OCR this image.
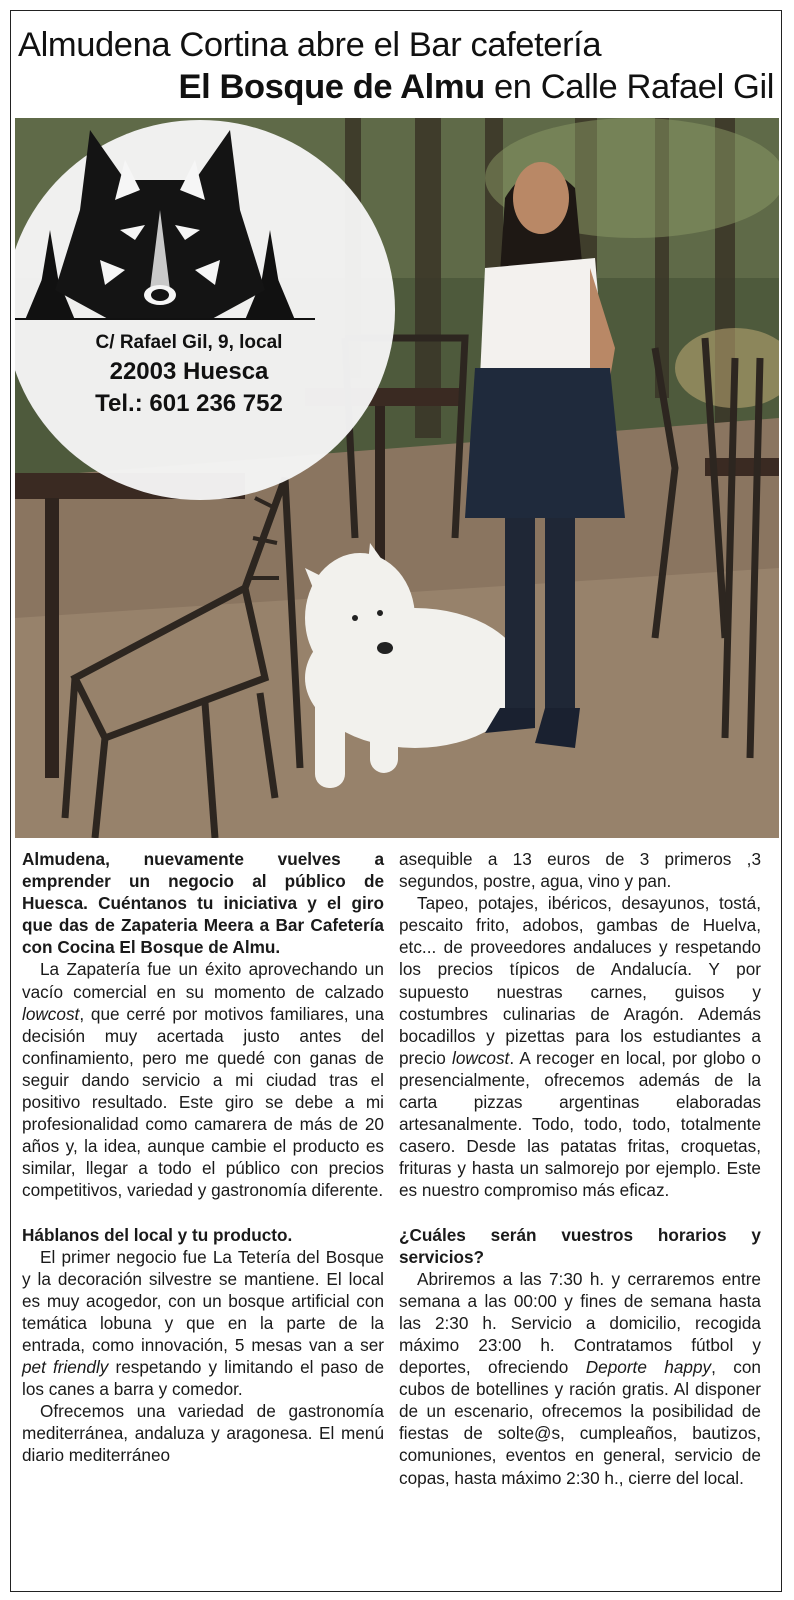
Almudena Cortina abre el Bar cafetería
El Bosque de Almu en Calle Rafael Gil
C/ Rafael Gil, 9, local
22003 Huesca
Tel.: 601 236 752

Almudena, nuevamente vuelves a emprender un negocio al público de Huesca. Cuéntanos tu iniciativa y el giro que das de Zapateria Meera a Bar Cafetería con Cocina El Bosque de Almu.

La Zapatería fue un éxito aprovechando un vacío comercial en su momento de calzado lowcost, que cerré por motivos familiares, una decisión muy acertada justo antes del confinamiento, pero me quedé con ganas de seguir dando servicio a mi ciudad tras el positivo resultado. Este giro se debe a mi profesionalidad como camarera de más de 20 años y, la idea, aunque cambie el producto es similar, llegar a todo el público con precios competitivos, variedad y gastronomía diferente.

Háblanos del local y tu producto.

El primer negocio fue La Tetería del Bosque y la decoración silvestre se mantiene. El local es muy acogedor, con un bosque artificial con temática lobuna y que en la parte de la entrada, como innovación, 5 mesas van a ser pet friendly respetando y limitando el paso de los canes a barra y comedor.

Ofrecemos una variedad de gastronomía mediterránea, andaluza y aragonesa. El menú diario mediterráneo

asequible a 13 euros de 3 primeros ,3 segundos, postre, agua, vino y pan.

Tapeo, potajes, ibéricos, desayunos, tostá, pescaito frito, adobos, gambas de Huelva, etc... de proveedores andaluces y respetando los precios típicos de Andalucía. Y por supuesto nuestras carnes, guisos y costumbres culinarias de Aragón. Además bocadillos y pizettas para los estudiantes a precio lowcost. A recoger en local, por globo o presencialmente, ofrecemos además de la carta pizzas argentinas elaboradas artesanalmente. Todo, todo, todo, totalmente casero. Desde las patatas fritas, croquetas, frituras y hasta un salmorejo por ejemplo. Este es nuestro compromiso más eficaz.

¿Cuáles serán vuestros horarios y servicios?

Abriremos a las 7:30 h. y cerraremos entre semana a las 00:00 y fines de semana hasta las 2:30 h. Servicio a domicilio, recogida máximo 23:00 h. Contratamos fútbol y deportes, ofreciendo Deporte happy, con cubos de botellines y ración gratis. Al disponer de un escenario, ofrecemos la posibilidad de fiestas de solte@s, cumpleaños, bautizos, comuniones, eventos en general, servicio de copas, hasta máximo 2:30 h., cierre del local.
